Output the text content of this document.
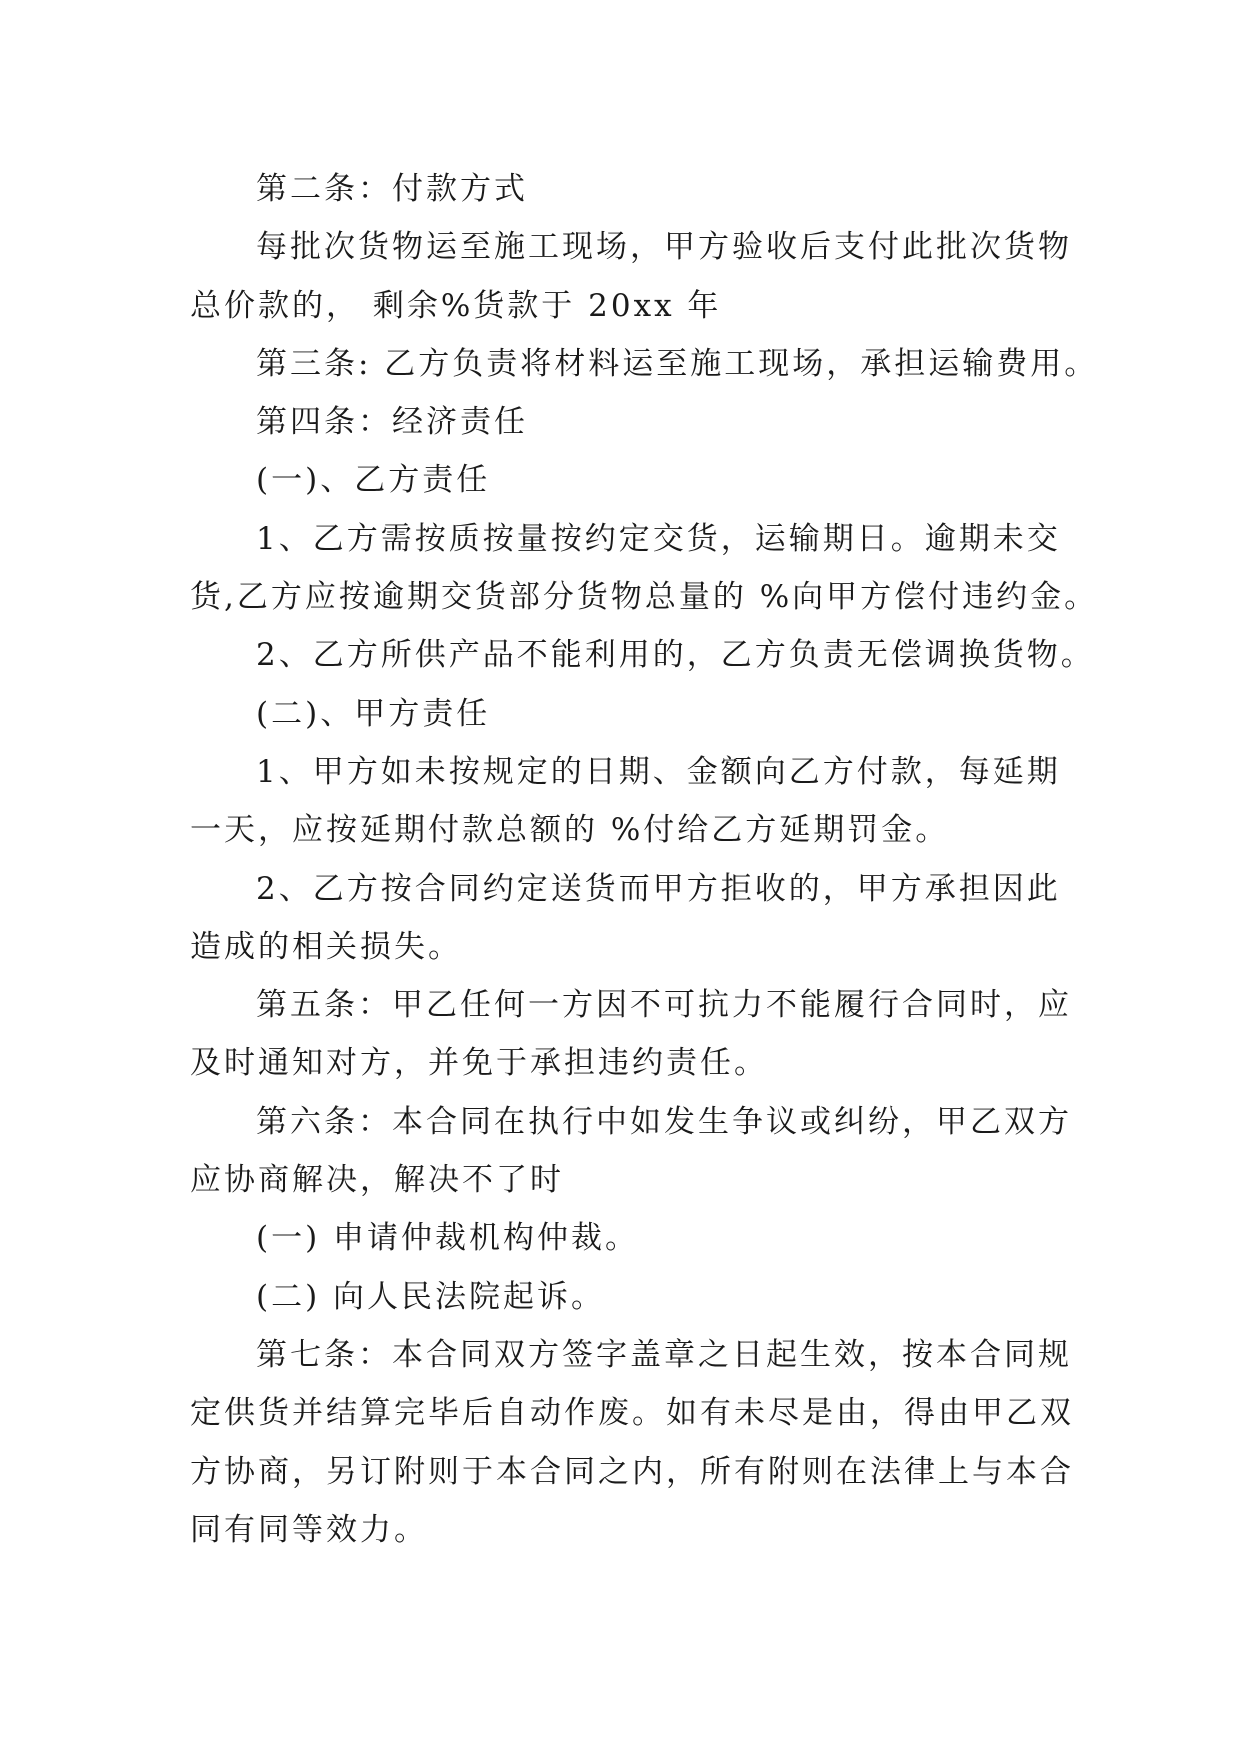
第二条：付款方式
每批次货物运至施工现场，甲方验收后支付此批次货物
总价款的， 剩余%货款于 20xx 年
第三条: 乙方负责将材料运至施工现场，承担运输费用。
第四条：经济责任
(一)、乙方责任
1、乙方需按质按量按约定交货，运输期日。逾期未交
货,乙方应按逾期交货部分货物总量的 %向甲方偿付违约金。
2、乙方所供产品不能利用的，乙方负责无偿调换货物。
(二)、甲方责任
1、甲方如未按规定的日期、金额向乙方付款，每延期
一天，应按延期付款总额的 %付给乙方延期罚金。
2、乙方按合同约定送货而甲方拒收的，甲方承担因此
造成的相关损失。
第五条：甲乙任何一方因不可抗力不能履行合同时，应
及时通知对方，并免于承担违约责任。
第六条：本合同在执行中如发生争议或纠纷，甲乙双方
应协商解决，解决不了时
(一) 申请仲裁机构仲裁。
(二) 向人民法院起诉。
第七条：本合同双方签字盖章之日起生效，按本合同规
定供货并结算完毕后自动作废。如有未尽是由，得由甲乙双
方协商，另订附则于本合同之内，所有附则在法律上与本合
同有同等效力。
